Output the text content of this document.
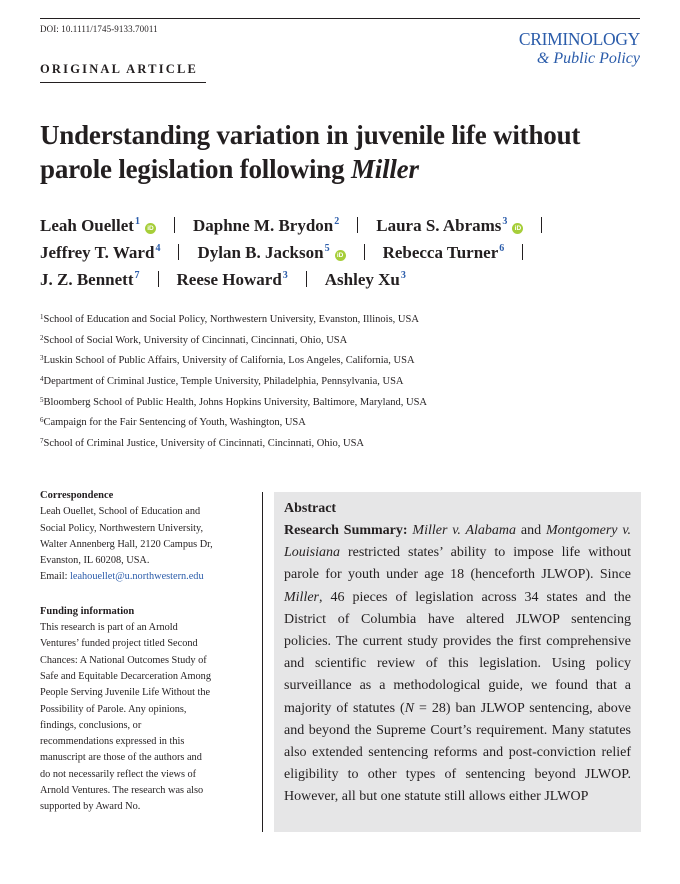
DOI: 10.1111/1745-9133.70011
ORIGINAL ARTICLE
CRIMINOLOGY
& Public Policy
Understanding variation in juvenile life without parole legislation following Miller
Leah Ouellet$^1$
iD Daphne M. Brydon$^2$ Laura S. Abrams$^3$
iD
Jeffrey T. Ward$^4$ Dylan B. Jackson$^5$
iD Rebecca Turner$^6$
J. Z. Bennett$^7$ Reese Howard$^3$ Ashley Xu$^3$
$^1$School of Education and Social Policy, Northwestern University, Evanston, Illinois, USA
$^2$School of Social Work, University of Cincinnati, Cincinnati, Ohio, USA
$^3$Luskin School of Public Affairs, University of California, Los Angeles, California, USA
$^4$Department of Criminal Justice, Temple University, Philadelphia, Pennsylvania, USA
$^5$Bloomberg School of Public Health, Johns Hopkins University, Baltimore, Maryland, USA
$^6$Campaign for the Fair Sentencing of Youth, Washington, USA
$^7$School of Criminal Justice, University of Cincinnati, Cincinnati, Ohio, USA
Correspondence
Leah Ouellet, School of Education and
Social Policy, Northwestern University,
Walter Annenberg Hall, 2120 Campus Dr,
Evanston, IL 60208, USA.
Email: leahouellet@u.northwestern.edu
Funding information
This research is part of an Arnold
Ventures’ funded project titled Second
Chances: A National Outcomes Study of
Safe and Equitable Decarceration Among
People Serving Juvenile Life Without the
Possibility of Parole. Any opinions,
findings, conclusions, or
recommendations expressed in this
manuscript are those of the authors and
do not necessarily reflect the views of
Arnold Ventures. The research was also
supported by Award No.
Abstract

Research Summary: Miller v. Alabama and Montgomery v. Louisiana restricted states’ ability to impose life without parole for youth under age 18 (henceforth JLWOP). Since Miller, 46 pieces of legislation across 34 states and the District of Columbia have altered JLWOP sentencing policies. The current study provides the first comprehensive and scientific review of this legislation. Using policy surveillance as a methodological guide, we found that a majority of statutes (N = 28) ban JLWOP sentencing, above and beyond the Supreme Court’s requirement. Many statutes also extended sentencing reforms and post-conviction relief eligibility to other types of sentencing beyond JLWOP. However, all but one statute still allows either JLWOP
